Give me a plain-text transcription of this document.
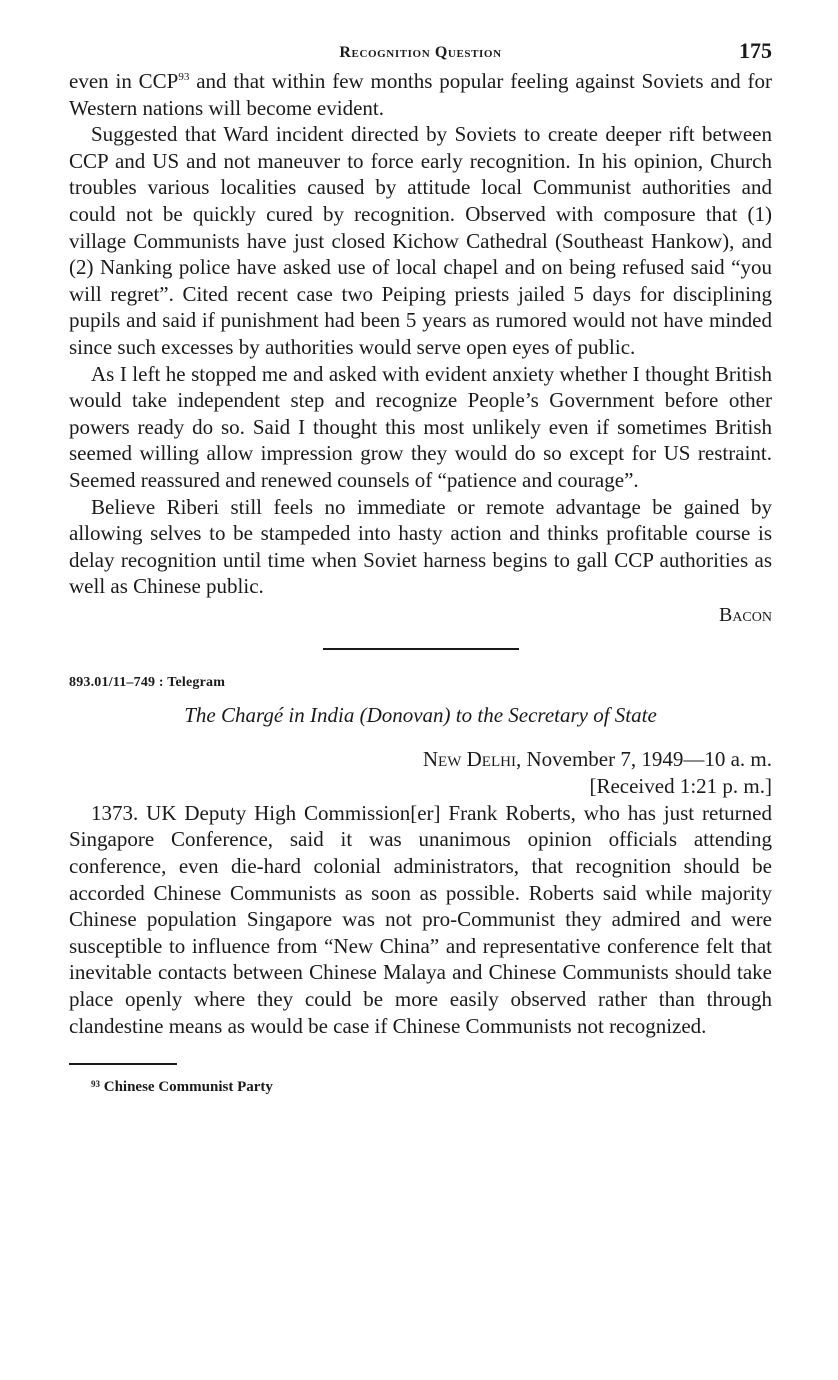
Recognition Question	175

even in CCP$^{93}$ and that within few months popular feeling against Soviets and for Western nations will become evident.

Suggested that Ward incident directed by Soviets to create deeper rift between CCP and US and not maneuver to force early recognition. In his opinion, Church troubles various localities caused by attitude local Communist authorities and could not be quickly cured by recognition. Observed with composure that (1) village Communists have just closed Kichow Cathedral (Southeast Hankow), and (2) Nanking police have asked use of local chapel and on being refused said “you will regret”. Cited recent case two Peiping priests jailed 5 days for disciplining pupils and said if punishment had been 5 years as rumored would not have minded since such excesses by authorities would serve open eyes of public.

As I left he stopped me and asked with evident anxiety whether I thought British would take independent step and recognize People’s Government before other powers ready do so. Said I thought this most unlikely even if sometimes British seemed willing allow impression grow they would do so except for US restraint. Seemed reassured and renewed counsels of “patience and courage”.

Believe Riberi still feels no immediate or remote advantage be gained by allowing selves to be stampeded into hasty action and thinks profitable course is delay recognition until time when Soviet harness begins to gall CCP authorities as well as Chinese public.

Bacon
893.01/11–749 : Telegram
The Chargé in India (Donovan) to the Secretary of State
New Delhi, November 7, 1949—10 a. m.
[Received 1:21 p. m.]

1373. UK Deputy High Commission[er] Frank Roberts, who has just returned Singapore Conference, said it was unanimous opinion officials attending conference, even die-hard colonial administrators, that recognition should be accorded Chinese Communists as soon as possible. Roberts said while majority Chinese population Singapore was not pro-Communist they admired and were susceptible to influence from “New China” and representative conference felt that inevitable contacts between Chinese Malaya and Chinese Communists should take place openly where they could be more easily observed rather than through clandestine means as would be case if Chinese Communists not recognized.

$^{93}$ Chinese Communist Party
